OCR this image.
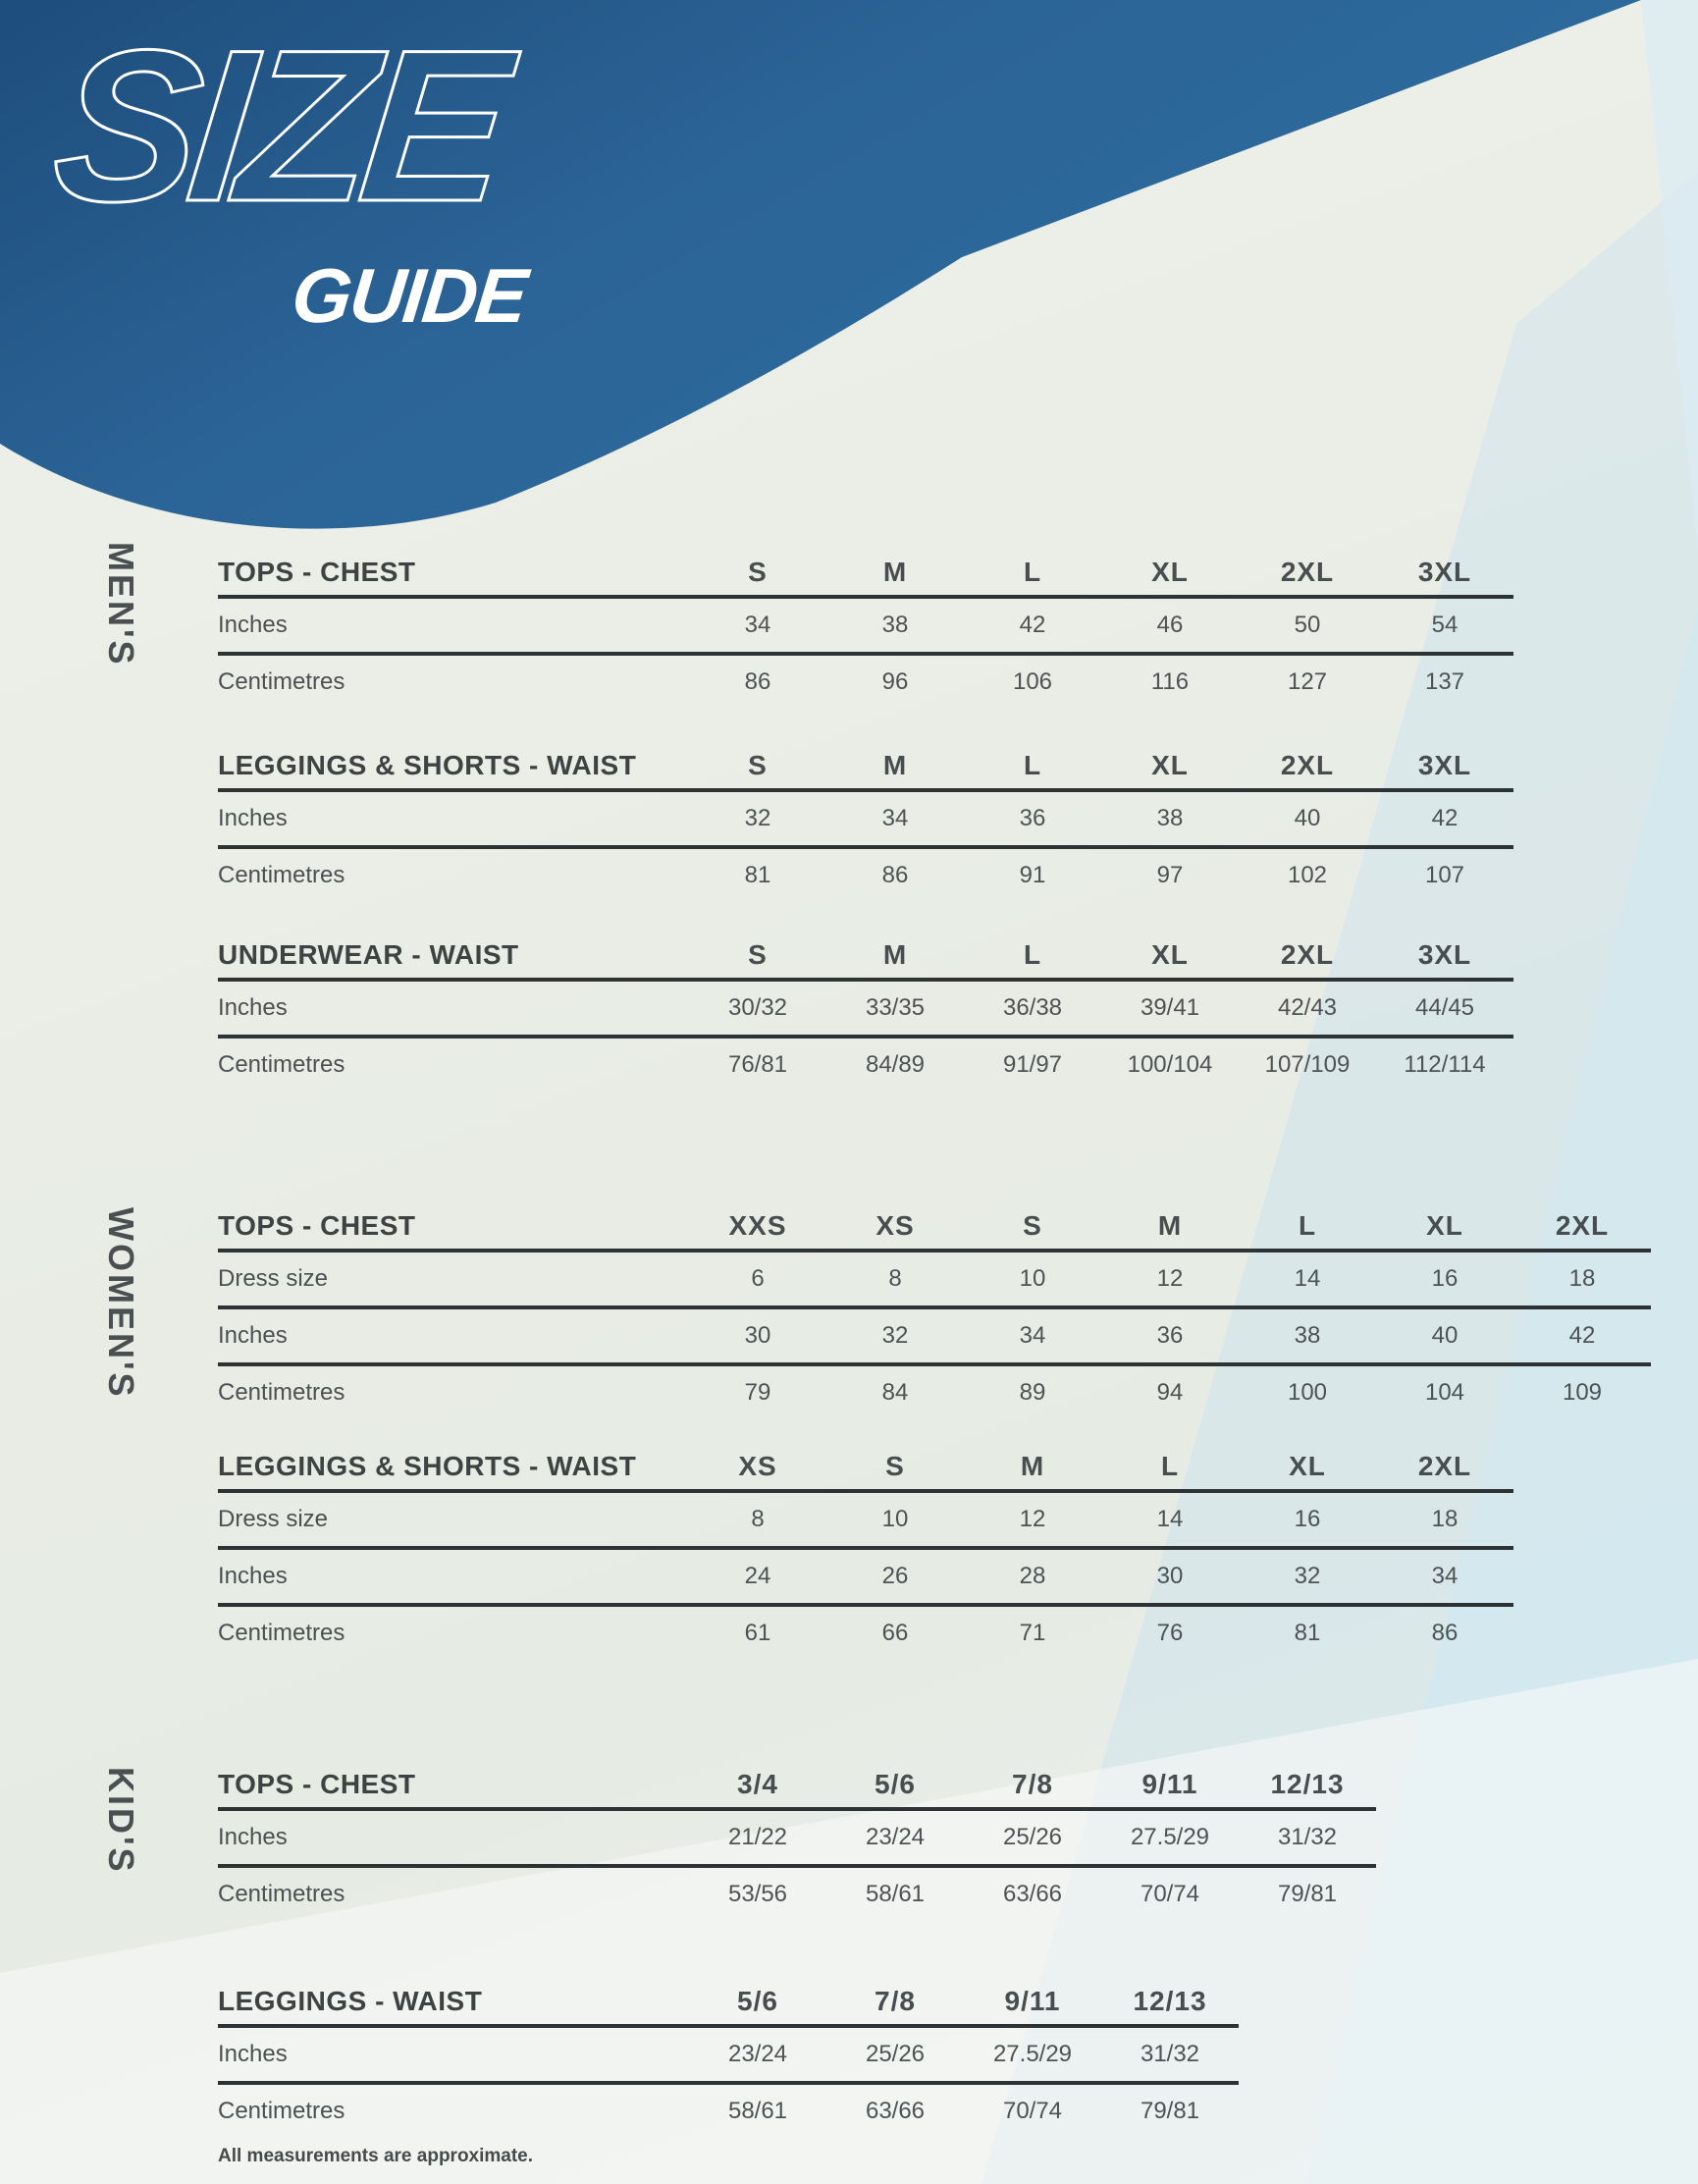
SIZE
GUIDE
MEN'S	TOPS - CHEST	S	M	L	XL	2XL	3XL
Inches	34	38	42	46	50	54
Centimetres	86	96	106	116	127	137
LEGGINGS & SHORTS - WAIST	S	M	L	XL	2XL	3XL
Inches	32	34	36	38	40	42
Centimetres	81	86	91	97	102	107
UNDERWEAR - WAIST	S	M	L	XL	2XL	3XL
Inches	30/32	33/35	36/38	39/41	42/43	44/45
Centimetres	76/81	84/89	91/97	100/104	107/109	112/114
WOMEN'S	TOPS - CHEST	XXS	XS	S	M	L	XL	2XL
Dress size	6	8	10	12	14	16	18
Inches	30	32	34	36	38	40	42
Centimetres	79	84	89	94	100	104	109
LEGGINGS & SHORTS - WAIST	XS	S	M	L	XL	2XL
Dress size	8	10	12	14	16	18
Inches	24	26	28	30	32	34
Centimetres	61	66	71	76	81	86
KID'S	TOPS - CHEST	3/4	5/6	7/8	9/11	12/13
Inches	21/22	23/24	25/26	27.5/29	31/32
Centimetres	53/56	58/61	63/66	70/74	79/81
LEGGINGS - WAIST	5/6	7/8	9/11	12/13
Inches	23/24	25/26	27.5/29	31/32
Centimetres	58/61	63/66	70/74	79/81
All measurements are approximate.
